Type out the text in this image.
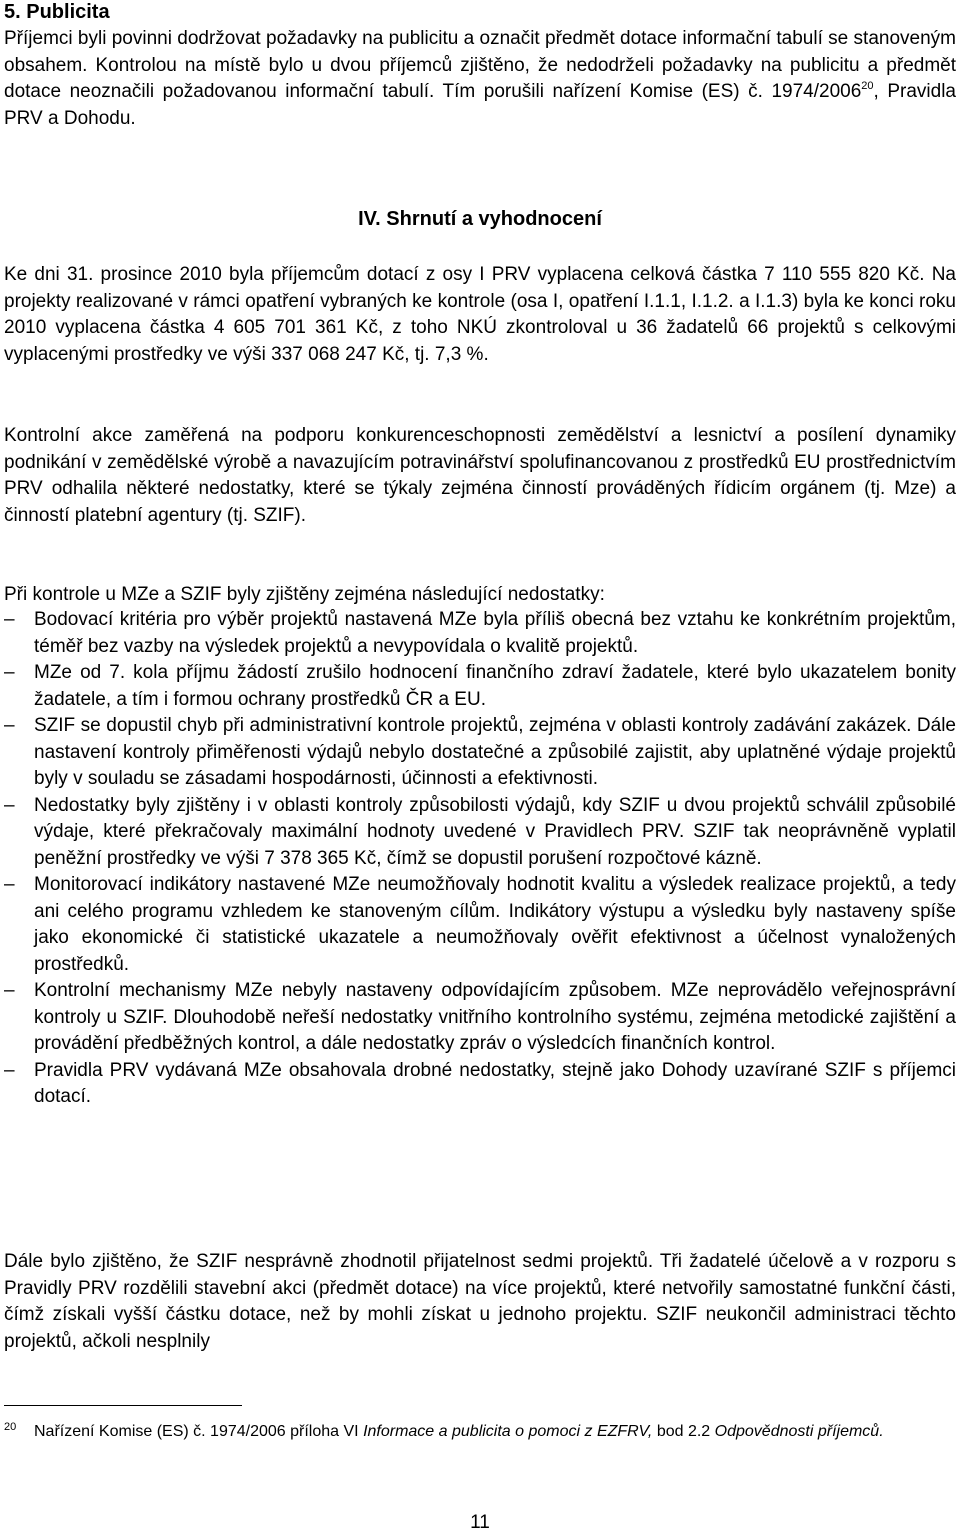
5. Publicita

Příjemci byli povinni dodržovat požadavky na publicitu a označit předmět dotace informační tabulí se stanoveným obsahem. Kontrolou na místě bylo u dvou příjemců zjištěno, že nedodrželi požadavky na publicitu a předmět dotace neoznačili požadovanou informační tabulí. Tím porušili nařízení Komise (ES) č. 1974/2006$^{20}$, Pravidla PRV a Dohodu.

IV. Shrnutí a vyhodnocení

Ke dni 31. prosince 2010 byla příjemcům dotací z osy I PRV vyplacena celková částka 7 110 555 820 Kč. Na projekty realizované v rámci opatření vybraných ke kontrole (osa I, opatření I.1.1, I.1.2. a I.1.3) byla ke konci roku 2010 vyplacena částka 4 605 701 361 Kč, z toho NKÚ zkontroloval u 36 žadatelů 66 projektů s celkovými vyplacenými prostředky ve výši 337 068 247 Kč, tj. 7,3 %.

Kontrolní akce zaměřená na podporu konkurenceschopnosti zemědělství a lesnictví a posílení dynamiky podnikání v zemědělské výrobě a navazujícím potravinářství spolufinancovanou z prostředků EU prostřednictvím PRV odhalila některé nedostatky, které se týkaly zejména činností prováděných řídicím orgánem (tj. Mze) a činností platební agentury (tj. SZIF).

Při kontrole u MZe a SZIF byly zjištěny zejména následující nedostatky:

–	Bodovací kritéria pro výběr projektů nastavená MZe byla příliš obecná bez vztahu ke konkrétním projektům, téměř bez vazby na výsledek projektů a nevypovídala o kvalitě projektů.
–	MZe od 7. kola příjmu žádostí zrušilo hodnocení finančního zdraví žadatele, které bylo ukazatelem bonity žadatele, a tím i formou ochrany prostředků ČR a EU.
–	SZIF se dopustil chyb při administrativní kontrole projektů, zejména v oblasti kontroly zadávání zakázek. Dále nastavení kontroly přiměřenosti výdajů nebylo dostatečné a způsobilé zajistit, aby uplatněné výdaje projektů byly v souladu se zásadami hospodárnosti, účinnosti a efektivnosti.
–	Nedostatky byly zjištěny i v oblasti kontroly způsobilosti výdajů, kdy SZIF u dvou projektů schválil způsobilé výdaje, které překračovaly maximální hodnoty uvedené v Pravidlech PRV. SZIF tak neoprávněně vyplatil peněžní prostředky ve výši 7 378 365 Kč, čímž se dopustil porušení rozpočtové kázně.
–	Monitorovací indikátory nastavené MZe neumožňovaly hodnotit kvalitu a výsledek realizace projektů, a tedy ani celého programu vzhledem ke stanoveným cílům. Indikátory výstupu a výsledku byly nastaveny spíše jako ekonomické či statistické ukazatele a neumožňovaly ověřit efektivnost a účelnost vynaložených prostředků.
–	Kontrolní mechanismy MZe nebyly nastaveny odpovídajícím způsobem. MZe neprovádělo veřejnosprávní kontroly u SZIF. Dlouhodobě neřeší nedostatky vnitřního kontrolního systému, zejména metodické zajištění a provádění předběžných kontrol, a dále nedostatky zpráv o výsledcích finančních kontrol.
–	Pravidla PRV vydávaná MZe obsahovala drobné nedostatky, stejně jako Dohody uzavírané SZIF s příjemci dotací.

Dále bylo zjištěno, že SZIF nesprávně zhodnotil přijatelnost sedmi projektů. Tři žadatelé účelově a v rozporu s Pravidly PRV rozdělili stavební akci (předmět dotace) na více projektů, které netvořily samostatné funkční části, čímž získali vyšší částku dotace, než by mohli získat u jednoho projektu. SZIF neukončil administraci těchto projektů, ačkoli nesplnily

20	Nařízení Komise (ES) č. 1974/2006 příloha VI Informace a publicita o pomoci z EZFRV, bod 2.2 Odpovědnosti příjemců.

11
